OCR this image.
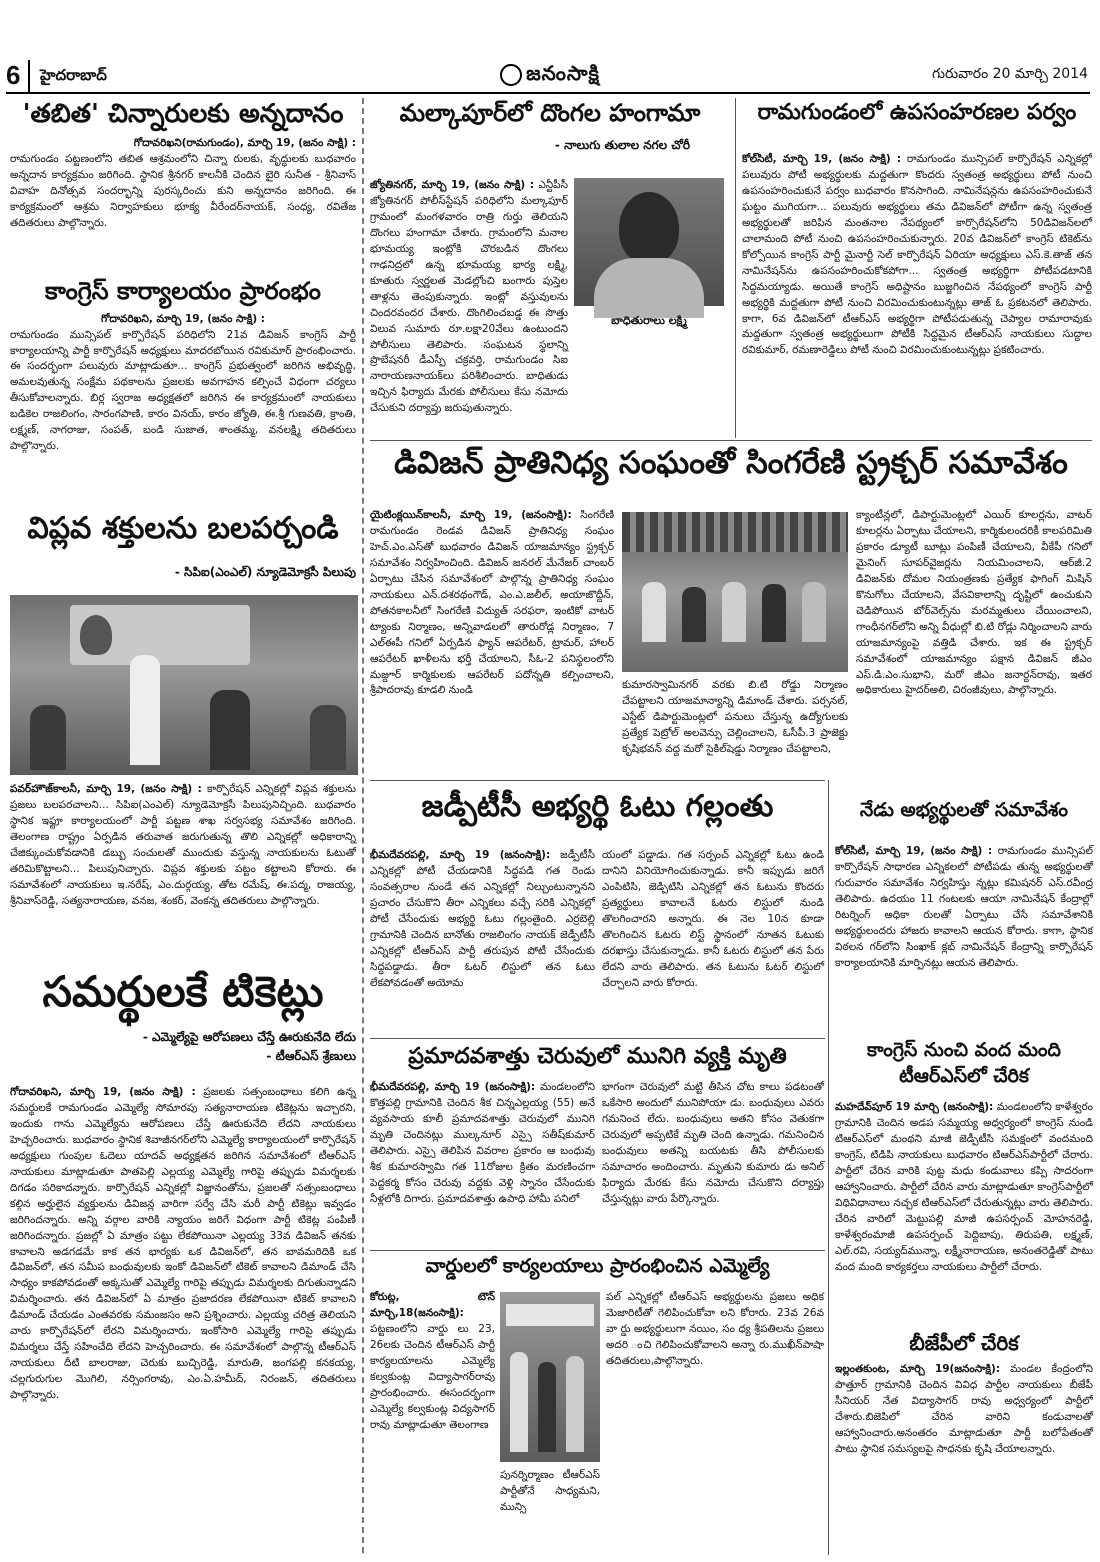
6	హైదరాబాద్	జనంసాక్షి	గురువారం 20 మార్చి 2014
'తబిత' చిన్నారులకు అన్నదానం
గోదావరిఖని(రామగుండం), మార్చి 19, (జనం సాక్షి) :
రామగుండం పట్టణంలోని తబిత ఆశ్రమంలోని చిన్నా రులకు, వృద్ధులకు బుధవారం అన్నదాన కార్యక్రమం జరిగింది. స్థానిక శ్రీనగర్ కాలనీకి చెందిన బైరి సునీత - శ్రీనివాస్ వివాహ దినోత్సవ సందర్భాన్ని పురస్కరించు కుని అన్నదానం జరిగింది. ఈ కార్యక్రమంలో ఆశ్రమ నిర్వాహకులు భూక్య వీరేందర్‌నాయక్, సంధ్య, రవితేజ తదితరులు పాల్గొన్నారు.
కాంగ్రెస్ కార్యాలయం ప్రారంభం
గోదావరిఖని, మార్చి 19, (జనం సాక్షి) :
రామగుండం మున్సిపల్ కార్పొరేషన్ పరిధిలోని 21వ డివిజన్ కాంగ్రెస్ పార్టీ కార్యాలయాన్ని పార్టీ కార్పొరేషన్ అధ్యక్షులు మాదరబోయిన రవికుమార్ ప్రారంభించారు. ఈ సందర్భంగా పలువురు మాట్లాడుతూ... కాంగ్రెస్ ప్రభుత్వంలో జరిగిన అభివృద్ధి, అమలవుతున్న సంక్షేమ పథకాలను ప్రజలకు అవగాహన కల్పించే విధంగా చర్యలు తీసుకోవాలన్నారు. బిర్ల స్వరాజ అధ్యక్షతలో జరిగిన ఈ కార్యక్రమంలో నాయకులు బడికెల రాజలింగం, సారంగపాణి, కారం వినయ్, కారం జ్యోతి, ఈ.శ్రీ గుణవతి, క్రాంతి, లక్ష్మణ్, నాగరాజు, సంపత్, బండి సుజాత, శాంతమ్మ, వనలక్ష్మి తదితరులు పాల్గొన్నారు.
విప్లవ శక్తులను బలపర్చండి
- సిపిఐ(ఎంఎల్) న్యూడెమోక్రసీ పిలుపు
పవర్‌హౌజ్‌కాలనీ, మార్చి 19, (జనం సాక్షి) : కార్పొరేషన్ ఎన్నికల్లో విప్లవ శక్తులను ప్రజలు బలపరచాలని... సిపిఐ(ఎంఎల్) న్యూడెమోక్రసీ పిలుపునిచ్చింది. బుధవారం స్థానిక ఇఫ్టూ కార్యాలయంలో పార్టీ పట్టణ శాఖ సర్వసభ్య సమావేశం జరిగింది. తెలంగాణ రాష్ట్రం ఏర్పడిన తరువాత జరుగుతున్న తొలి ఎన్నికల్లో అధికారాన్ని చేజిక్కుంచుకోవడానికి డబ్బు సంచులతో ముందుకు వస్తున్న నాయకులను ఓటుతో తరిమికొట్టాలని... పిలుపునిచ్చారు. విప్లవ శక్తులకు పట్టం కట్టాలని కోరారు. ఈ సమావేశంలో నాయకులు ఇ.నరేష్, ఎం.దుర్గయ్య, తోట రమేష్, ఈ.పద్మ, రాజయ్య, శ్రీనివాస్‌రెడ్డి, సత్యనారాయణ, వనజ, శంకర్, వెంకన్న తదితరులు పాల్గొన్నారు.
సమర్థులకే టికెట్లు
- ఎమ్మెల్యేపై ఆరోపణలు చేస్తే ఊరుకునేది లేదు
- టీఆర్‌ఎస్ శ్రేణులు
గోదావరిఖని, మార్చి 19, (జనం సాక్షి) : ప్రజలకు సత్సంబంధాలు కలిగి ఉన్న సమర్థులకే రామగుండం ఎమ్మెల్యే సోమారపు సత్యనారాయణ టికెట్లను ఇచ్చారని, ఇందుకు గాను ఎమ్మెల్యేను ఆరోపణలు చేస్తే ఊరుకునేది లేదని నాయకులు హెచ్చరించారు. బుధవారం స్థానిక శివాజీనగర్‌లోని ఎమ్మెల్యే కార్యాలయంలో కార్పొరేషన్ అధ్యక్షులు గుంపుల ఓదెలు యాదవ్ అధ్యక్షతన జరిగిన సమావేశంలో టీఆర్‌ఎస్ నాయకులు మాట్లాడుతూ పాతపెల్లి ఎల్లయ్య ఎమ్మెల్యే గారిపై తప్పుడు విమర్శలకు దిగడం సరికాదన్నారు. కార్పొరేషన్ ఎన్నికల్లో విజ్ఞానంతోను, ప్రజలతో సత్సంబంధాలు కల్గిన అర్హులైన వ్యక్తులను డివిజన్ల వారిగా సర్వే చేసి మరీ పార్టీ టికెట్లు ఇవ్వడం జరిగిందన్నారు. అన్ని వర్గాల వారికి న్యాయం జరిగే విధంగా పార్టీ టికెట్ల పంపిణీ జరిగిందన్నారు. ప్రజల్లో ఏ మాత్రం పట్టు లేకపోయినా ఎల్లయ్య 33వ డివిజన్ తనకు కావాలని అడగడమే కాక తన భార్యకు ఒక డివిజన్‌లో, తన బావమరిదికి ఒక డివిజన్‌లో, తన సమీప బంధువులకు ఇంకో డివిజన్‌లో టికెట్ కావాలని డిమాండ్ చేసి సాధ్యం కాకపోవడంతో అక్కసుతో ఎమ్మెల్యే గారిపై తప్పుడు విమర్శలకు దిగుతున్నాడని విమర్శించారు. తన డివిజన్‌లో ఏ మాత్రం ప్రజాదరణ లేకపోయినా టికెట్ కావాలని డిమాండ్ చేయడం ఎంతవరకు సమంజసం అని ప్రశ్నించారు. ఎల్లయ్య చరిత్ర తెలియని వారు కార్పొరేషన్‌లో లేరని విమర్శించారు. ఇంకోసారి ఎమ్మెల్యే గారిపై తప్పుడు విమర్శలు చేస్తే సహించేది లేదని హెచ్చరించారు. ఈ సమావేశంలో పాల్గొన్న టీఆర్‌ఎస్ నాయకులు దీటి బాలరాజు, చెరుకు బుచ్చిరెడ్డి, మారుతి, జంగపల్లి కనకయ్య, చల్లగురుగుల మొగిలి, నర్సింగరావు, ఎం.ఏ.హమీద్, నిరంజన్, తదితరులు పాల్గొన్నారు.
మల్కాపూర్‌లో దొంగల హంగామా
- నాలుగు తులాల నగల చోరీ
బాధితురాలు లక్ష్మి
జ్యోతినగర్, మార్చి 19, (జనం సాక్షి) : ఎన్టీపీసీ జ్యోతినగర్ పోలీస్‌స్టేషన్ పరిధిలోని మల్కాపూర్ గ్రామంలో మంగళవారం రాత్రి గుర్తు తెలియని దొంగలు హంగామా చేశారు. గ్రామంలోని మనాల భూమయ్య ఇంట్లోకి చొరబడిన దొంగలు గాఢనిద్రలో ఉన్న భూమయ్య భార్య లక్ష్మి, కూతురు స్వర్ణలత మెడల్లోంచి బంగారు పుస్తెల తాళ్లను తెంపుకున్నారు. ఇంట్లో వస్తువులను చిందరవందర చేశారు. దొంగిలించబడ్డ ఈ సొత్తు విలువ సుమారు రూ.లక్షా20వేలు ఉంటుందని పోలీసులు తెలిపారు. సంఘటన స్థలాన్ని ప్రొబేషనరీ డీఎస్పీ చక్రవర్తి, రామగుండం సిఐ నారాయణనాయక్‌లు పరిశీలించారు. బాధితుడు ఇచ్చిన ఫిర్యాదు మేరకు పోలీసులు కేసు నమోదు చేసుకుని దర్యాప్తు జరుపుతున్నారు.
రామగుండంలో ఉపసంహరణల పర్వం
కోల్‌సిటీ, మార్చి 19, (జనం సాక్షి) : రామగుండం మున్సిపల్ కార్పొరేషన్ ఎన్నికల్లో పలువురు పోటీ అభ్యర్థులకు మద్దతుగా కొందరు స్వతంత్ర అభ్యర్థులు పోటీ నుంచి ఉపసంహరించుకునే పర్వం బుధవారం కొనసాగింది. నామినేషన్లను ఉపసంహరించుకునే ఘట్టం ముగియగా... పలువురు అభ్యర్థులు తమ డివిజన్‌లో పోటీగా ఉన్న స్వతంత్ర అభ్యర్థులతో జరిపిన మంతనాల నేపథ్యంలో కార్పొరేషన్‌లోని 50డివిజన్‌లలో చాలామంది పోటీ నుంచి ఉపసంహరించుకున్నారు. 20వ డివిజన్‌లో కాంగ్రెస్ టికెట్‌ను కోల్పోయిన కాంగ్రెస్ పార్టీ మైనార్టీ సెల్ కార్పొరేషన్ ఏరియా అధ్యక్షులు ఎస్.కె.తాజ్ తన నామినేషన్‌ను ఉపసంహరించుకోకపోగా... స్వతంత్ర అభ్యర్థిగా పోటీపడటానికి సిద్ధమయ్యాడు. అయితే కాంగ్రెస్ అధిష్టానం బుజ్జగించిన నేపథ్యంలో కాంగ్రెస్ పార్టీ అభ్యర్థికి మద్దతుగా పోటీ నుంచి విరమించుకుంటున్నట్లు తాజ్ ఓ ప్రకటనలో తెలిపారు. కాగా, 6వ డివిజన్‌లో టీఆర్‌ఎస్ అభ్యర్థిగా పోటీపడుతున్న చెప్యాల రామారావుకు మద్దతుగా స్వతంత్ర అభ్యర్థులుగా పోటీకి సిద్ధమైన టీఆర్‌ఎస్ నాయకులు సుద్దాల రవికుమార్, రమణారెడ్డిలు పోటీ నుంచి విరమించుకుంటున్నట్లు ప్రకటించారు.
డివిజన్ ప్రాతినిధ్య సంఘంతో సింగరేణి స్ట్రక్చర్ సమావేశం
యైటింక్లయిన్‌కాలనీ, మార్చి 19, (జనంసాక్షి): సింగరేణి రామగుండం రెండవ డివిజన్ ప్రాతినిధ్య సంఘం హెచ్.ఎం.ఎస్‌తో బుధవారం డివిజన్ యాజమాన్యం స్ట్రక్చర్ సమావేశం నిర్వహించింది. డివిజన్ జనరల్ మేనేజర్ చాంబర్ ఏర్పాటు చేసిన సమావేశంలో పాల్గొన్న ప్రాతినిధ్య సంఘం నాయకులు ఎన్.దశరథంగౌడ్, ఎం.ఎ.జలీల్, అయాజొద్దీన్, పోతనకాలనీలో సింగరేణి విద్యుత్ సరఫరా, ఇంటికో వాటర్ ట్యాంకు నిర్మాణం, అన్నివాడలలో తారురోడ్ల నిర్మాణం, 7 ఎల్‌ఈపీ గనిలో ఏర్పడిన ఫ్యాన్ ఆపరేటర్, ట్రామర్, హాలర్ ఆపరేటర్ ఖాళీలను భర్తీ చేయాలని, సీఓ-2 పనిస్థలంలోని మజ్దూర్ కార్మికులకు ఆపరేటర్ పదోన్నతి కల్పించాలని, శ్రీపాదరావు కూడలి నుండి	కుమారస్వామినగర్ వరకు బి.టి రోడ్డు నిర్మాణం చేపట్టాలని యాజమాన్యాన్ని డిమాండ్ చేశారు. పర్సనల్, ఎస్టేట్ డిపార్టుమెంట్లలో పనులు చేస్తున్న ఉద్యోగులకు ప్రత్యేక పెట్రోల్ అలవెన్సు చెల్లించాలని, ఓసీపీ.3 ప్రాజెక్టు కృషిభవన్ వద్ద మరో సైకిల్‌షెడ్డు నిర్మాణం చేపట్టాలని,
క్యాంటీన్లలో, డిపార్టుమెంట్లలో ఎయిర్ కూలర్లను, వాటర్ కూలర్లను ఏర్పాటు చేయాలని, కార్మికులందరికీ కాలపరిమితి ప్రకారం డ్యూటీ బూట్లు పంపిణీ చేయాలని, వీకేపీ గనిలో మైనింగ్ సూపర్‌వైజర్లను నియమించాలని, ఆర్‌జీ.2 డివిజన్‌కు దోమల నియంత్రణకు ప్రత్యేక ఫాగింగ్ మిషిన్ కొనుగోలు చేయాలని, వేసవికాలాన్ని దృష్టిలో ఉంచుకుని చెడిపోయిన బోర్‌వెల్స్‌ను మరమ్మతులు చేయించాలని, గాంధీనగర్‌లోని అన్ని వీధుల్లో బి.టి రోడ్లు నిర్మించాలని వారు యాజమాన్యంపై వత్తిడి చేశారు. ఇక ఈ స్ట్రక్చర్ సమావేశంలో యాజమాన్యం పక్షాన డివిజన్ జీఎం ఎస్.డి.ఎం.సుభాని, మరో జీఎం జనార్దన్‌రావు, ఇతర అధికారులు హైదర్‌అలి, చిరంజీవులు, పాల్గొన్నారు.
జడ్పీటీసీ అభ్యర్థి ఓటు గల్లంతు
భీమదేవరపల్లి, మార్చి 19 (జనంసాక్షి): జడ్పీటీసీ ఎన్నికల్లో పోటీ చేయడానికి సిద్ధపడి గత రెండు సంవత్సరాల నుండే తన ఎన్నికల్లో నిల్చుంటున్నానని ప్రచారం చేసుకొని తీరా ఎన్నికలు వచ్చే సరికి ఎన్నికల్లో పోటీ చేసేందుకు అభ్యర్థి ఓటు గల్లంతైంది. ఎర్రబెల్లి గ్రామానికి చెందిన బానోతు రాజలింగం నాయక్ జెడ్పీటీసీ ఎన్నికల్లో టీఆర్‌ఎస్ పార్టీ తరుపున పోటీ చేసేందుకు సిద్ధపడ్డాడు. తీరా ఓటర్ లిస్టులో తన ఓటు లేకపోవడంతో అయోమ
యంలో పడ్డాడు. గత సర్పంచ్ ఎన్నికల్లో ఓటు ఉండి దానిని వినియోగించుకున్నాడు. కానీ ఇప్పుడు జరిగే ఎంపిటిసి, జెడ్పిటిసి ఎన్నికల్లో తన ఓటును కొందరు ప్రత్యర్థులు కావాలనే ఓటరు లిస్టులో నుండి తొలగించారని అన్నారు. ఈ నెల 10న కూడా తొలగించిన ఓటరు లిస్ట్ స్థానంలో నూతన ఓటుకు దరఖాస్తు చేసుకున్నాడు. కానీ ఓటరు లిస్టులో తన పేరు లేదని వారు తెలిపారు. తన ఓటును ఓటర్ లిస్టులో చేర్చాలని వారు కోరారు.
నేడు అభ్యర్థులతో సమావేశం
కోల్‌సిటీ, మార్చి 19, (జనం సాక్షి) : రామగుండం మున్సిపల్ కార్పొరేషన్ సాధారణ ఎన్నికలలో పోటీపడు తున్న అభ్యర్థులతో గురువారం సమావేశం నిర్వహిస్తు న్నట్లు కమిషనర్ ఎస్.రవీంద్ర తెలిపారు. ఉదయం 11 గంటలకు ఆయా నామినేషన్ కేంద్రాల్లో రిటర్నింగ్ అధికా రులతో ఏర్పాటు చేసే సమావేశానికి అభ్యర్థులందరు హాజరు కావాలని ఆయన కోరారు. కాగా, స్థానిక విఠలన గర్‌లోని సింఖాక్ క్లబ్ నామినేషన్ కేంద్రాన్ని కార్పొరేషన్ కార్యాలయానికి మార్పినట్లు ఆయన తెలిపారు.
ప్రమాదవశాత్తు చెరువులో మునిగి వ్యక్తి మృతి
భీమదేవరపల్లి, మార్చి 19 (జనంసాక్షి): మండలంలోని కొత్తపల్లి గ్రామానికి చెందిన శీక చిన్నఎల్లయ్య (55) అనే వ్యవసాయ కూలీ ప్రమాదవశాత్తు చెరువులో మునిగి మృతి చెందినట్లు ముల్కనూర్ ఎస్సై సతీష్‌కుమార్ తెలిపారు. ఎస్సై తెలిపిన వివరాల ప్రకారం ఆ బంధువు శీక కుమారస్వామి గత 11రోజుల క్రితం మరణించగా పెద్దకర్మ కోసం చెరువు వద్దకు వెళ్లి స్నానం చేసేందుకు నీళ్లలోకి దిగారు. ప్రమాదవశాత్తు ఉపాధి హామీ పనిలో
భాగంగా చెరువులో మట్టి తీసిన చోట కాలు పడటంతో ఒకేసారి అందులో మునిపోయా డు. బంధువులు ఎవరు గమనించ లేదు. బంధువులు అతని కోసం వెతుకగా చెరువులో అప్పటికే మృతి చెంది ఉన్నాడు. గమనించిన బంధువులు అతన్ని బయటకు తీసి పోలీసులకు సమాచారం అందించారు. మృతుని కుమారు డు అనిల్ ఫిర్యాదు మేరకు కేసు నమోదు చేసుకొని దర్యాప్తు చేస్తున్నట్లు వారు పేర్కొన్నారు.
కాంగ్రెస్ నుంచి వంద మంది
టీఆర్‌ఎస్‌లో చేరిక
మహదేవ్‌పూర్ 19 మార్చి (జనంసాక్షి): మండలంలోని కాళేశ్వరం గ్రామానికి చెందిన అడప సమ్మయ్య అధ్వర్యంలో కాంగ్రెస్ నుండి టిఆర్‌ఎస్‌లో మంథని మాజీ జెడ్పీటీసి సమక్షంలో వందమంది కాంగ్రెస్, టిడిపి నాయకులు బుధవారం టిఆర్‌ఎస్‌పార్టీలో చేరారు. పార్టీలో చేరిన వారికి పుట్ట మధు కండువాలు కప్పి సాదరంగా ఆహ్వానించారు. పార్టీలో చేరిన వారు మాట్లాడుతూ కాంగ్రెస్‌పార్టీలో విధివిధానాలు నచ్చక టిఆర్‌ఎస్‌లో చేరుతున్నట్లు వారు తెలిపారు. చేరిన వారిలో మెట్టుపల్లి మాజీ ఉపసర్పంచ్ మోహనరెడ్డి, కాళేశ్వరంమాజీ ఉపసర్పంచ్ పెద్దిబాపు, తిరుపతి, లక్ష్మణ్, ఎల్.రవి, సయ్యద్‌మున్నా, లక్ష్మీనారాయణ, అనంతరెడ్డితో పాటు వంద మంది కార్యకర్తలు నాయకులు పార్టీలో చేరారు.
బీజేపీలో చేరిక
ఇల్లంతకుంట, మార్చి 19(జనంసాక్షి): మండల కేంద్రంలోని పొత్తూర్ గ్రామానికి చెందిన వివిధ పార్టీల నాయకులు బీజేపీ సీనియర్ నేత విద్యాసాగర్ రావు అధ్వర్యంలో పార్టీలో చేశారు.బిజెపిలో చేరిన వారిని కండువాలతో ఆహ్వానించారు.అనంతరం మాట్లాడుతూ పార్టీ బలోపేతంతో పాటు స్థానిక సమస్యలపై సాధనకు కృషి చేయాలన్నారు.
వార్డులలో కార్యలయాలు ప్రారంభించిన ఎమ్మెల్యే
కోరుట్ల, టౌన్ మార్చి,18(జనంసాక్షి): పట్టణంలోని వార్డు లు 23, 26లకు చెందిన టీఆర్‌ఎస్ పార్టీ కార్యలయాలను ఎమ్మెల్యే కల్వకుంట్ల విద్యాసాగర్‌రావు ప్రారంభించారు. ఈసందర్భంగా ఎమ్మెల్యే కల్వకుంట్ల విద్యసాగర్ రావు మాట్లాడుతూ తెలంగాణ
పునర్నిర్మాణం టీఆర్‌ఎస్ పార్టీతోనే సాధ్యమని, మున్సి
పల్ ఎన్నికల్లో టీఆర్‌ఎస్ అభ్యర్థులను ప్రజలు అధిక మెజారిటీతో గెలిపించుకోవా లని కోరారు. 23వ 26వ వా ర్డు అభ్యర్థులుగా నయిం, సం ధ్య శ్రీపతిలను ప్రజలు అదరి ంచి గెలిపించుకోవాలని అన్నా రు.ముఖీన్‌పాషా తదితరులు,పాల్గొన్నారు.
